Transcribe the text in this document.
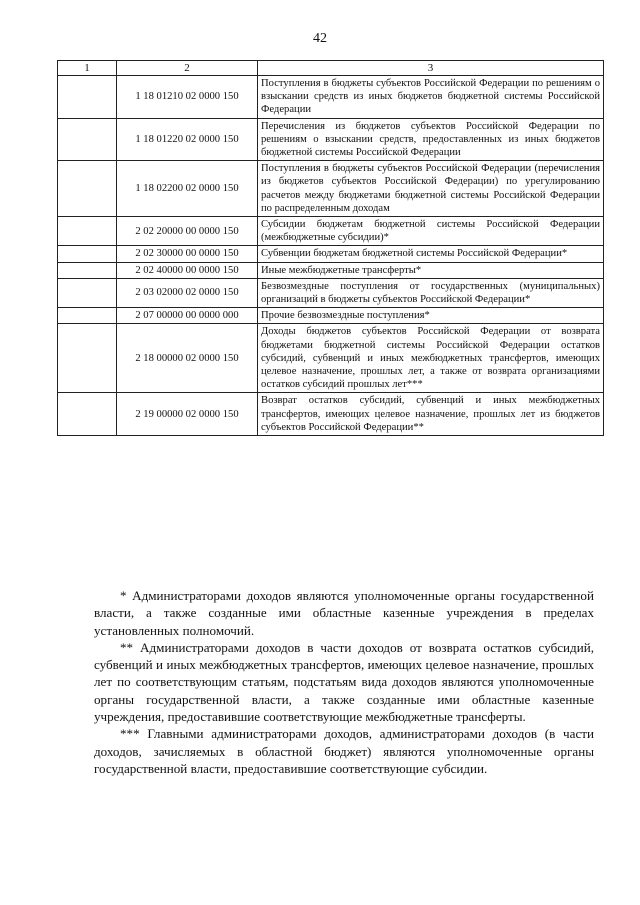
42
1	2	3
	1 18 01210 02 0000 150	Поступления в бюджеты субъектов Российской Федерации по решениям о взыскании средств из иных бюджетов бюджетной системы Российской Федерации
	1 18 01220 02 0000 150	Перечисления из бюджетов субъектов Российской Федерации по решениям о взыскании средств, предоставленных из иных бюджетов бюджетной системы Российской Федерации
	1 18 02200 02 0000 150	Поступления в бюджеты субъектов Российской Федерации (перечисления из бюджетов субъектов Российской Федерации) по урегулированию расчетов между бюджетами бюджетной системы Российской Федерации по распределенным доходам
	2 02 20000 00 0000 150	Субсидии бюджетам бюджетной системы Российской Федерации (межбюджетные субсидии)*
	2 02 30000 00 0000 150	Субвенции бюджетам бюджетной системы Российской Федерации*
	2 02 40000 00 0000 150	Иные межбюджетные трансферты*
	2 03 02000 02 0000 150	Безвозмездные поступления от государственных (муниципальных) организаций в бюджеты субъектов Российской Федерации*
	2 07 00000 00 0000 000	Прочие безвозмездные поступления*
	2 18 00000 02 0000 150	Доходы бюджетов субъектов Российской Федерации от возврата бюджетами бюджетной системы Российской Федерации остатков субсидий, субвенций и иных межбюджетных трансфертов, имеющих целевое назначение, прошлых лет, а также от возврата организациями остатков субсидий прошлых лет***
	2 19 00000 02 0000 150	Возврат остатков субсидий, субвенций и иных межбюджетных трансфертов, имеющих целевое назначение, прошлых лет из бюджетов субъектов Российской Федерации**

* Администраторами доходов являются уполномоченные органы государственной власти, а также созданные ими областные казенные учреждения в пределах установленных полномочий.

** Администраторами доходов в части доходов от возврата остатков субсидий, субвенций и иных межбюджетных трансфертов, имеющих целевое назначение, прошлых лет по соответствующим статьям, подстатьям вида доходов являются уполномоченные органы государственной власти, а также созданные ими областные казенные учреждения, предоставившие соответствующие межбюджетные трансферты.

*** Главными администраторами доходов, администраторами доходов (в части доходов, зачисляемых в областной бюджет) являются уполномоченные органы государственной власти, предоставившие соответствующие субсидии.
